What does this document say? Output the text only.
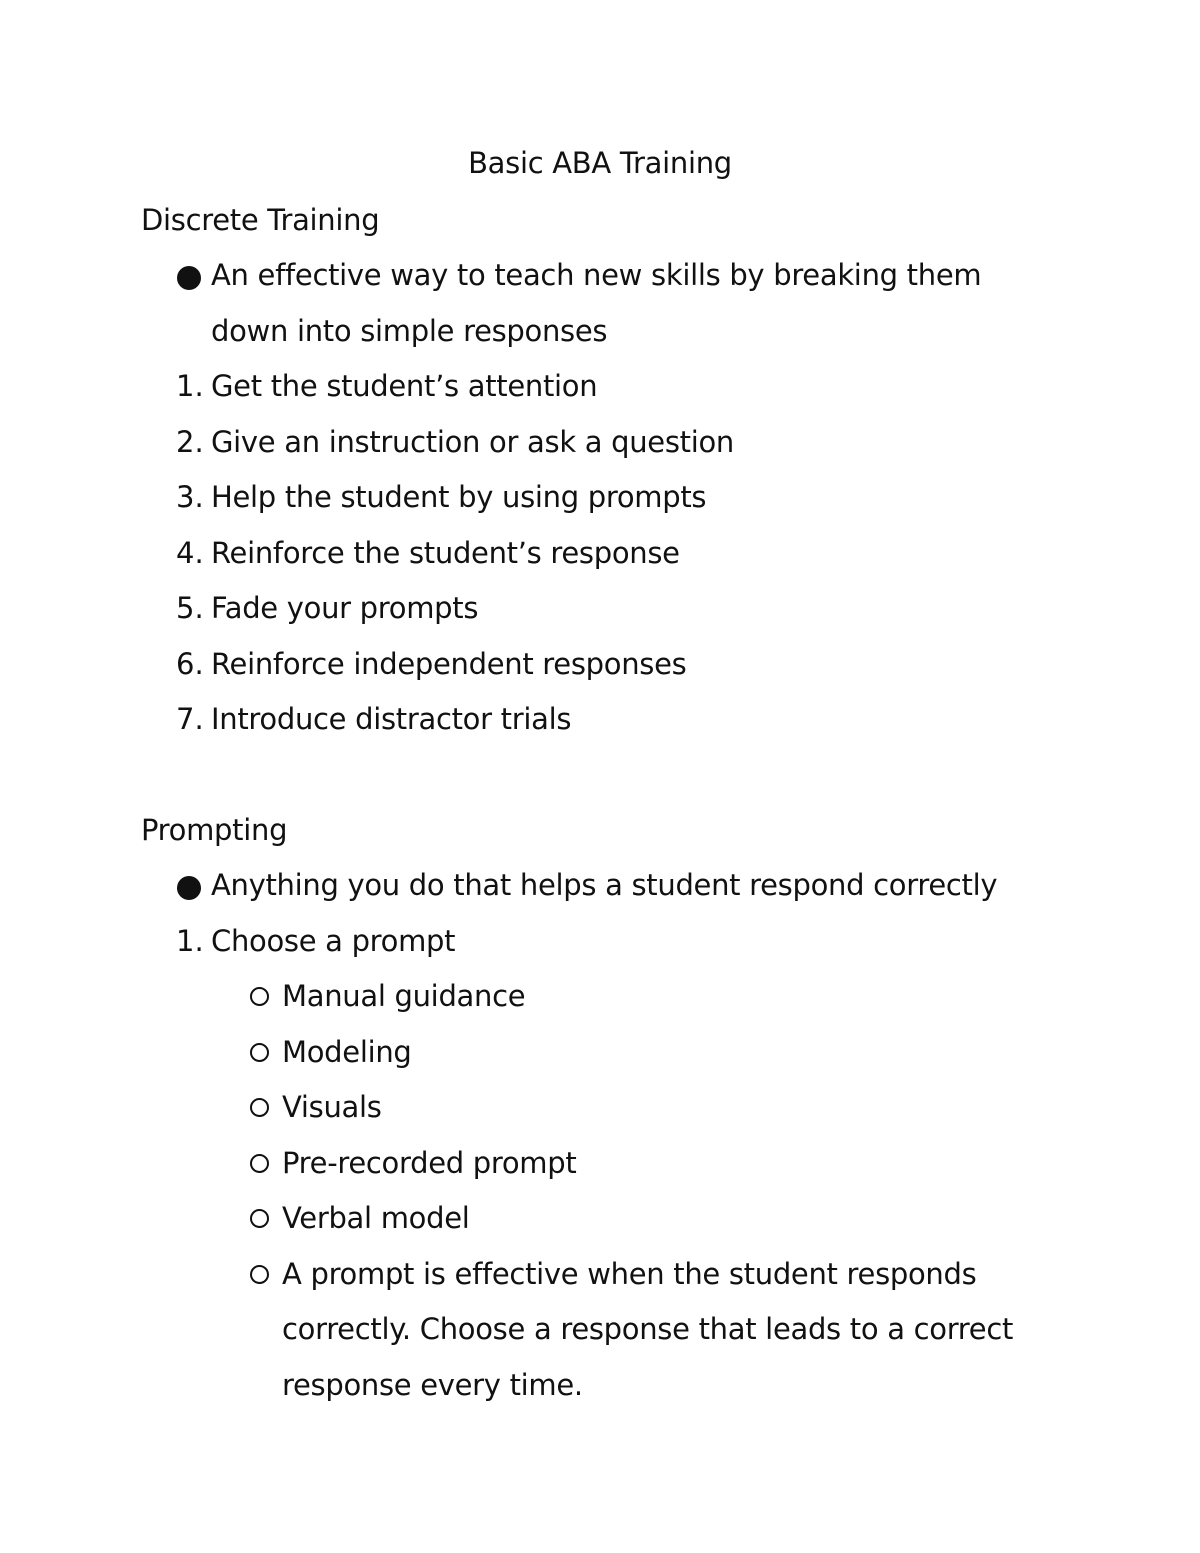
Basic ABA Training
Discrete Training
An effective way to teach new skills by breaking them
down into simple responses
1. Get the student’s attention
2. Give an instruction or ask a question
3. Help the student by using prompts
4. Reinforce the student’s response
5. Fade your prompts
6. Reinforce independent responses
7. Introduce distractor trials
Prompting
Anything you do that helps a student respond correctly
1. Choose a prompt
Manual guidance
Modeling
Visuals
Pre-recorded prompt
Verbal model
A prompt is effective when the student responds
correctly. Choose a response that leads to a correct
response every time.
